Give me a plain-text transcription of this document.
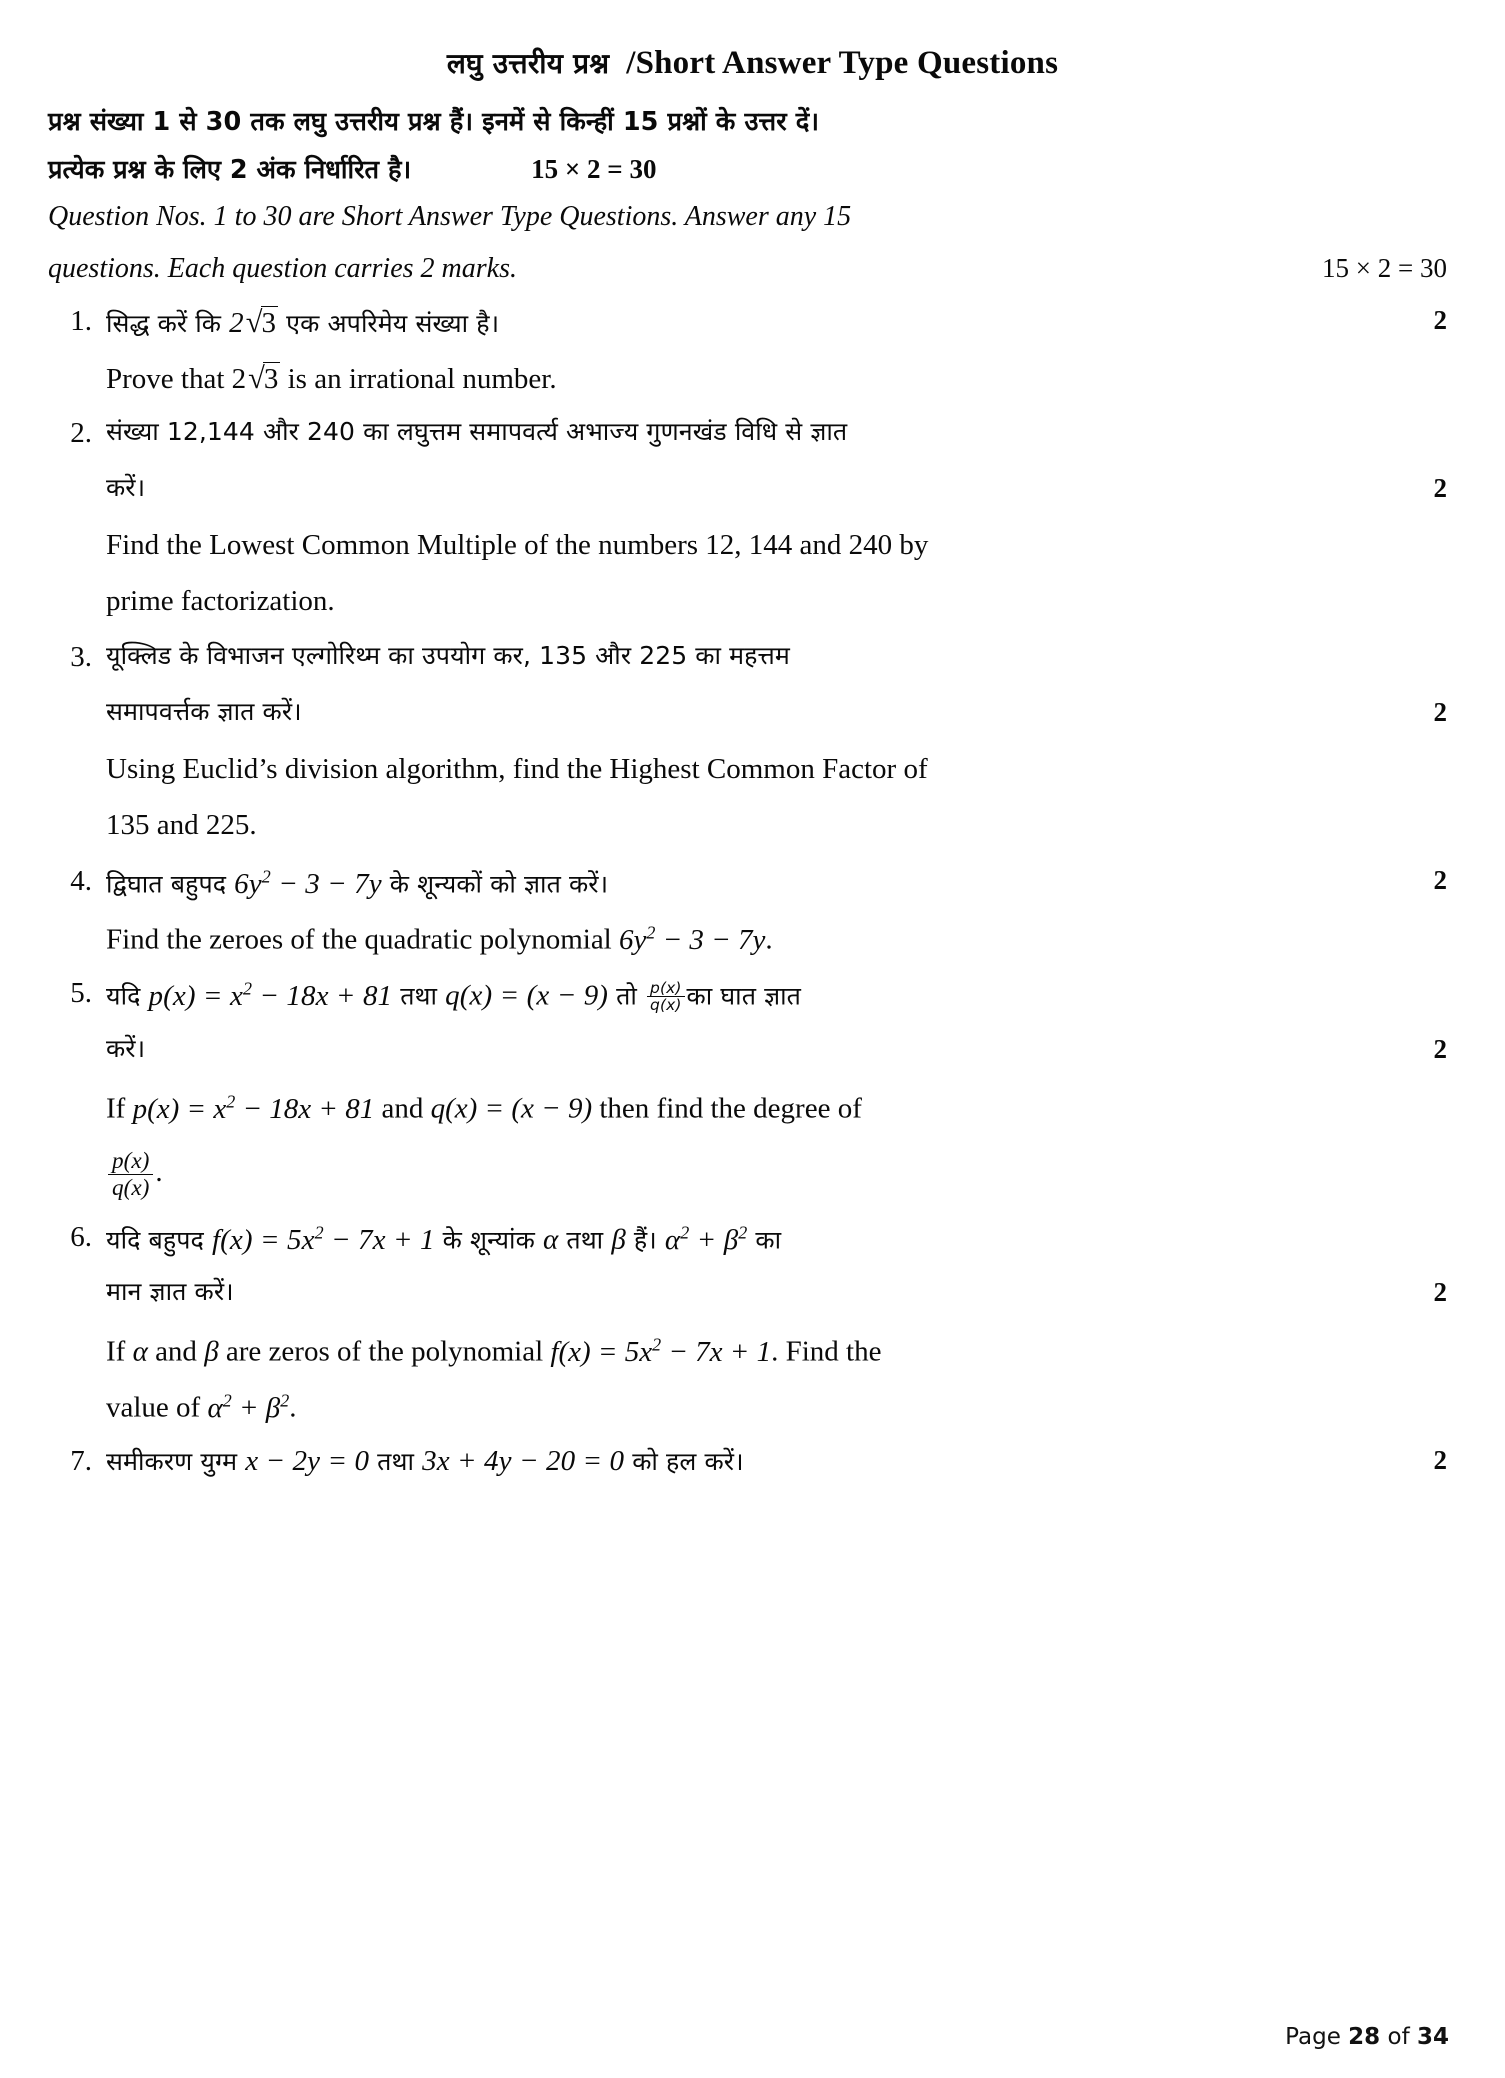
लघु उत्तरीय प्रश्न /Short Answer Type Questions
प्रश्न संख्या 1 से 30 तक लघु उत्तरीय प्रश्न हैं। इनमें से किन्हीं 15 प्रश्नों के उत्तर दें।
प्रत्येक प्रश्न के लिए 2 अंक निर्धारित है।	15 × 2 = 30
Question Nos. 1 to 30 are Short Answer Type Questions. Answer any 15
questions. Each question carries 2 marks.	15 × 2 = 30
1. सिद्ध करें कि 2√3 एक अपरिमेय संख्या है।	2
Prove that 2√3 is an irrational number.
2. संख्या 12,144 और 240 का लघुत्तम समापवर्त्य अभाज्य गुणनखंड विधि से ज्ञात
करें।	2
Find the Lowest Common Multiple of the numbers 12, 144 and 240 by
prime factorization.
3. यूक्लिड के विभाजन एल्गोरिथ्म का उपयोग कर, 135 और 225 का महत्तम
समापवर्त्तक ज्ञात करें।	2
Using Euclid’s division algorithm, find the Highest Common Factor of
135 and 225.
4. द्विघात बहुपद $6y^2 - 3 - 7y$ के शून्यकों को ज्ञात करें।	2
Find the zeroes of the quadratic polynomial $6y^2 - 3 - 7y$.
5. यदि $p(x) = x^2 - 18x + 81$ तथा q(x) = (x − 9) तो $\frac{p(x)}{q(x)}$ का घात ज्ञात
करें।	2
If $p(x) = x^2 - 18x + 81$ and q(x) = (x − 9) then find the degree of
$\frac{p(x)}{q(x)}$ .
6. यदि बहुपद $f(x) = 5x^2 - 7x + 1$ के शून्यांक α तथा β हैं। $\alpha^2 + \beta^2$ का
मान ज्ञात करें।	2
If α and β are zeros of the polynomial $f(x) = 5x^2 - 7x + 1$. Find the
value of $\alpha^2 + \beta^2$.
7. समीकरण युग्म x − 2y = 0 तथा 3x + 4y − 20 = 0 को हल करें।	2
Page 28 of 34
